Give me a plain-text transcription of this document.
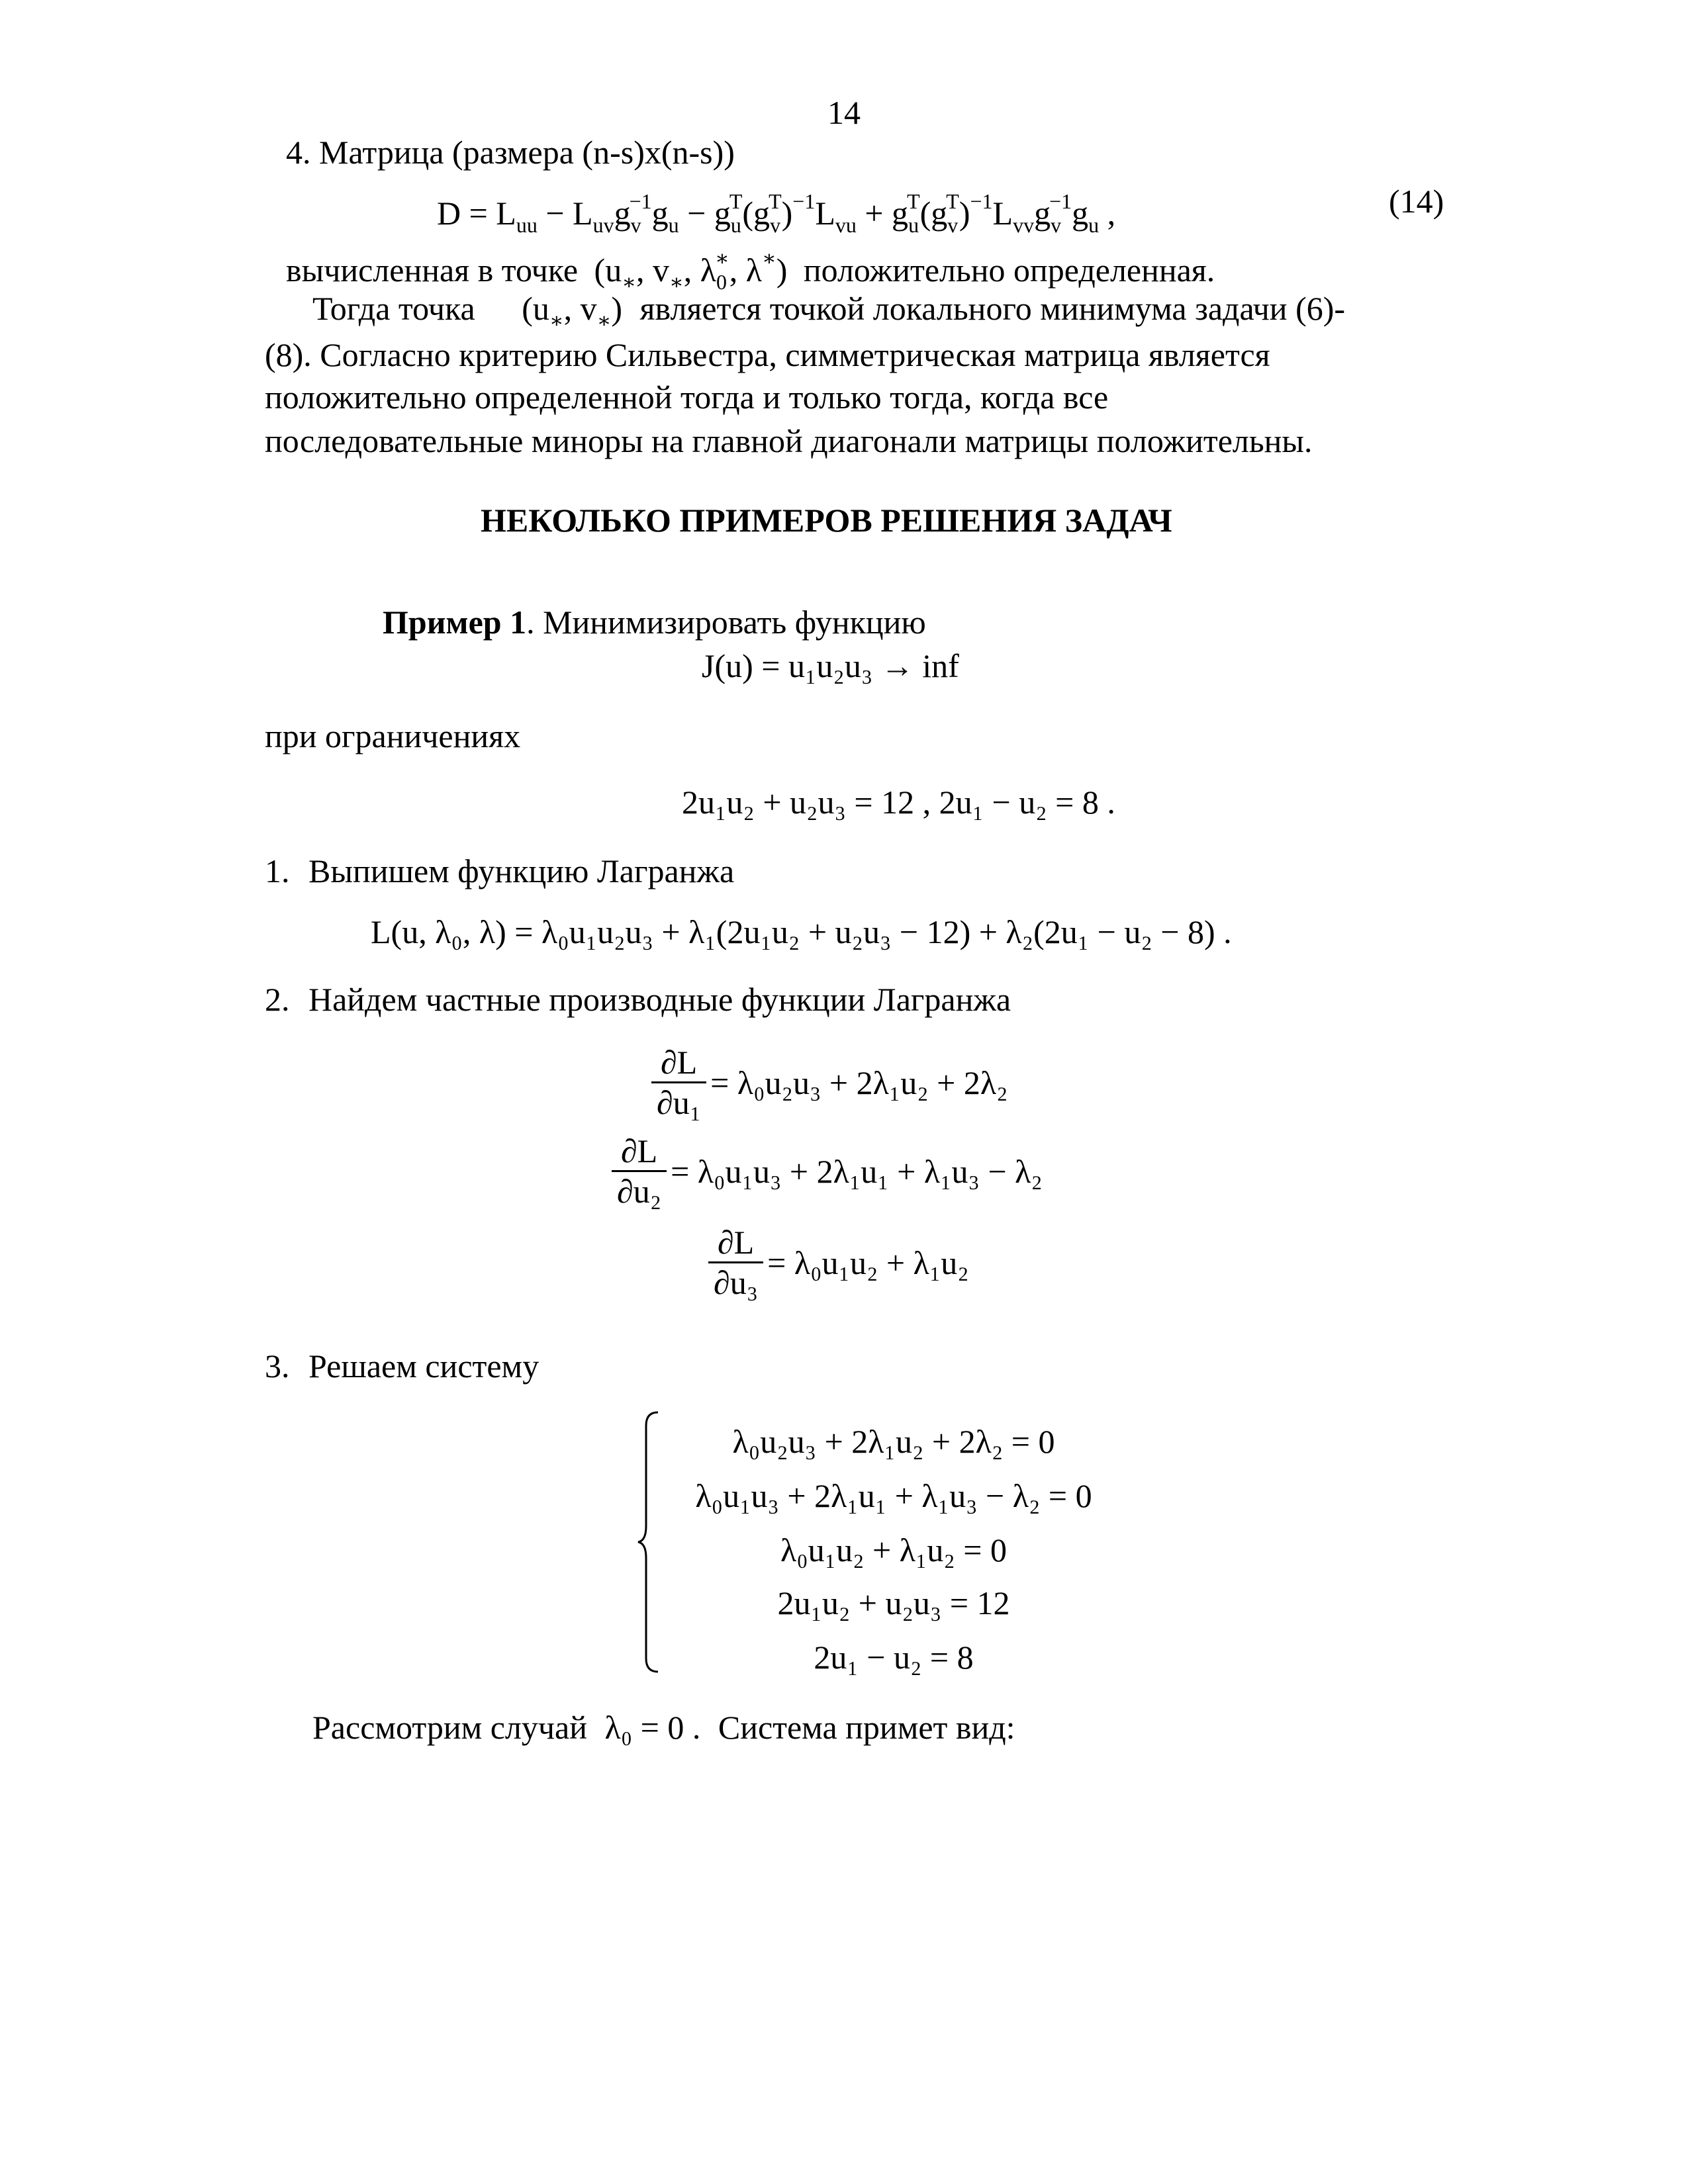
14
4. Матрица (размера (n-s)x(n-s))
$D = L_{uu} - L_{uv}g_v^{-1}g_u - g_u^T(g_v^T)^{-1}L_{vu} + g_u^T(g_v^T)^{-1}L_{vv}g_v^{-1}g_u$ ,	(14)
вычисленная в точке ($u_∗$, $v_∗$, $\lambda_0^∗$, λ∗) положительно определенная.
Тогда точка ($u_∗$, $v_∗$) является точкой локального минимума задачи (6)-
(8). Согласно критерию Сильвестра, симметрическая матрица является
положительно определенной тогда и только тогда, когда все
последовательные миноры на главной диагонали матрицы положительны.
НЕКОЛЬКО ПРИМЕРОВ РЕШЕНИЯ ЗАДАЧ
Пример 1. Минимизировать функцию
J(u) = u₁u₂u₃ → inf
при ограничениях
2u₁u₂ + u₂u₃ = 12 , 2u₁ − u₂ = 8 .
1. Выпишем функцию Лагранжа
L(u, λ₀, λ) = λ₀u₁u₂u₃ + λ₁(2u₁u₂ + u₂u₃ − 12) + λ₂(2u₁ − u₂ − 8) .
2. Найдем частные производные функции Лагранжа
$\frac{\partial L}{\text{∂u₁}} = \lambda_0u_2u_3 + 2\lambda_1u_2 + 2\lambda_2$
$\frac{\partial L}{\text{∂u₂}} = \lambda_0u_1u_3 + 2\lambda_1u_1 + \lambda_1u_3 - \lambda_2$
$\frac{\partial L}{\text{∂u₃}} = \lambda_0u_1u_2 + \lambda_1u_2$
3. Решаем систему
λ₀u₂u₃ + 2λ₁u₂ + 2λ₂ = 0
λ₀u₁u₃ + 2λ₁u₁ + λ₁u₃ − λ₂ = 0
λ₀u₁u₂ + λ₁u₂ = 0
2u₁u₂ + u₂u₃ = 12
2u₁ − u₂ = 8
Рассмотрим случай λ₀ = 0 . Система примет вид:
